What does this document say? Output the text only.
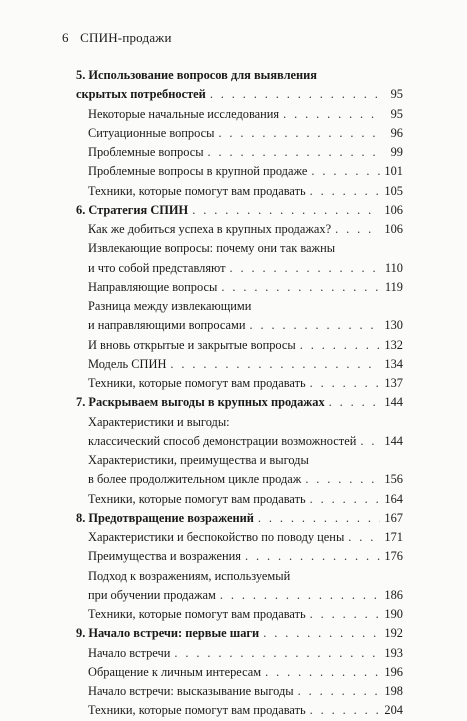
6 СПИН-продажи
5. Использование вопросов для выявления
скрытых потребностей . . .	95
Некоторые начальные исследования . . .	95
Ситуационные вопросы . . .	96
Проблемные вопросы . . .	99
Проблемные вопросы в крупной продаже . . .	101
Техники, которые помогут вам продавать . . .	105
6. Стратегия СПИН . . .	106
Как же добиться успеха в крупных продажах? . . .	106
Извлекающие вопросы: почему они так важны
и что собой представляют . . .	110
Направляющие вопросы . . .	119
Разница между извлекающими
и направляющими вопросами . . .	130
И вновь открытые и закрытые вопросы . . .	132
Модель СПИН . . .	134
Техники, которые помогут вам продавать . . .	137
7. Раскрываем выгоды в крупных продажах . . .	144
Характеристики и выгоды:
классический способ демонстрации возможностей . . . 144
Характеристики, преимущества и выгоды
в более продолжительном цикле продаж . . .	156
Техники, которые помогут вам продавать . . .	164
8. Предотвращение возражений . . .	167
Характеристики и беспокойство по поводу цены . . .	171
Преимущества и возражения . . .	176
Подход к возражениям, используемый
при обучении продажам . . .	186
Техники, которые помогут вам продавать . . .	190
9. Начало встречи: первые шаги . . .	192
Начало встречи . . .	193
Обращение к личным интересам . . .	196
Начало встречи: высказывание выгоды . . .	198
Техники, которые помогут вам продавать . . .	204
